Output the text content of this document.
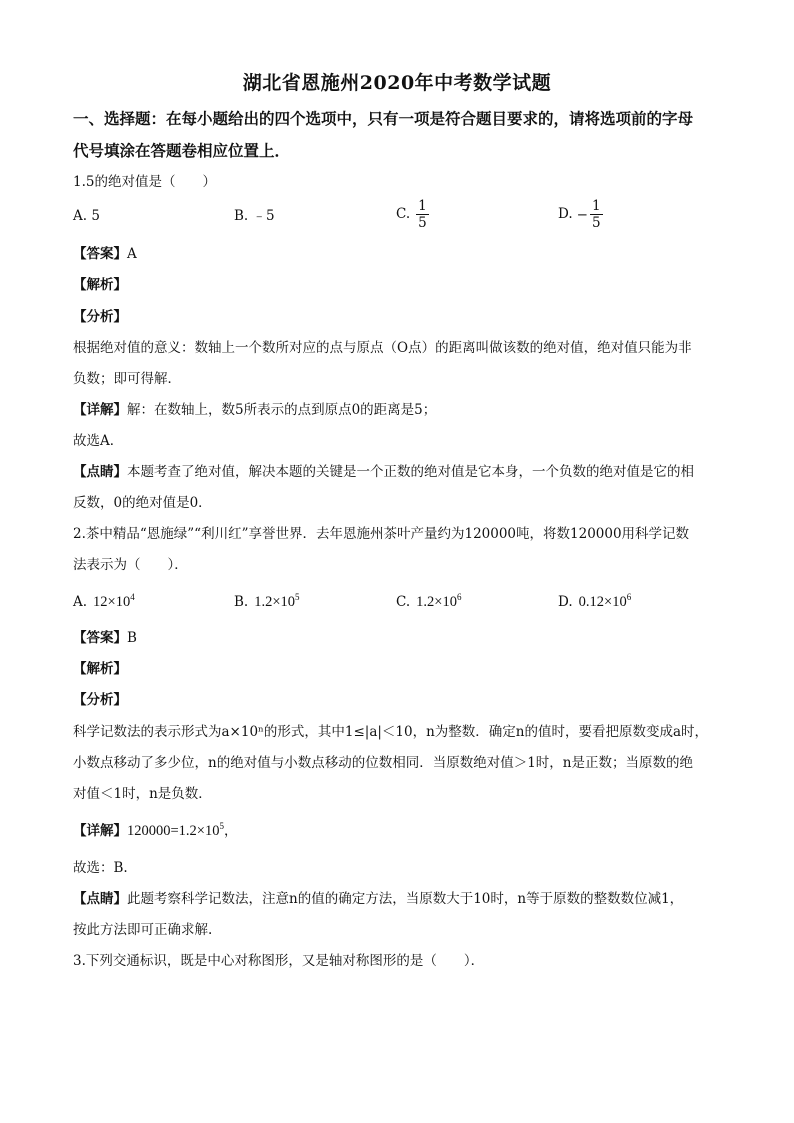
湖北省恩施州2020年中考数学试题
一、选择题：在每小题给出的四个选项中，只有一项是符合题目要求的，请将选项前的字母
代号填涂在答题卷相应位置上．
1.5的绝对值是（　　）
A. 5	B. ﹣5	C. $\frac{1}{5}$	D. − $\frac{1}{5}$
【答案】A
【解析】
【分析】
根据绝对值的意义：数轴上一个数所对应的点与原点（O点）的距离叫做该数的绝对值，绝对值只能为非
负数；即可得解．
【详解】解：在数轴上，数5所表示的点到原点0的距离是5；
故选A．
【点睛】本题考查了绝对值，解决本题的关键是一个正数的绝对值是它本身，一个负数的绝对值是它的相
反数，0的绝对值是0．
2.茶中精品“恩施绿”“利川红”享誉世界．去年恩施州茶叶产量约为120000吨，将数120000用科学记数
法表示为（　　）．
A. $12\times 10^4$	B. $1.2\times 10^5$	C. $1.2\times 10^6$	D. $0.12\times 10^6$
【答案】B
【解析】
【分析】
科学记数法的表示形式为a×10ⁿ的形式，其中1≤|a|＜10，n为整数．确定n的值时，要看把原数变成a时，
小数点移动了多少位，n的绝对值与小数点移动的位数相同．当原数绝对值＞1时，n是正数；当原数的绝
对值＜1时，n是负数．
【详解】$120000=1.2\times 10^5$，
故选：B.
【点睛】此题考察科学记数法，注意n的值的确定方法，当原数大于10时，n等于原数的整数数位减1，
按此方法即可正确求解.
3.下列交通标识，既是中心对称图形，又是轴对称图形的是（　　）．
